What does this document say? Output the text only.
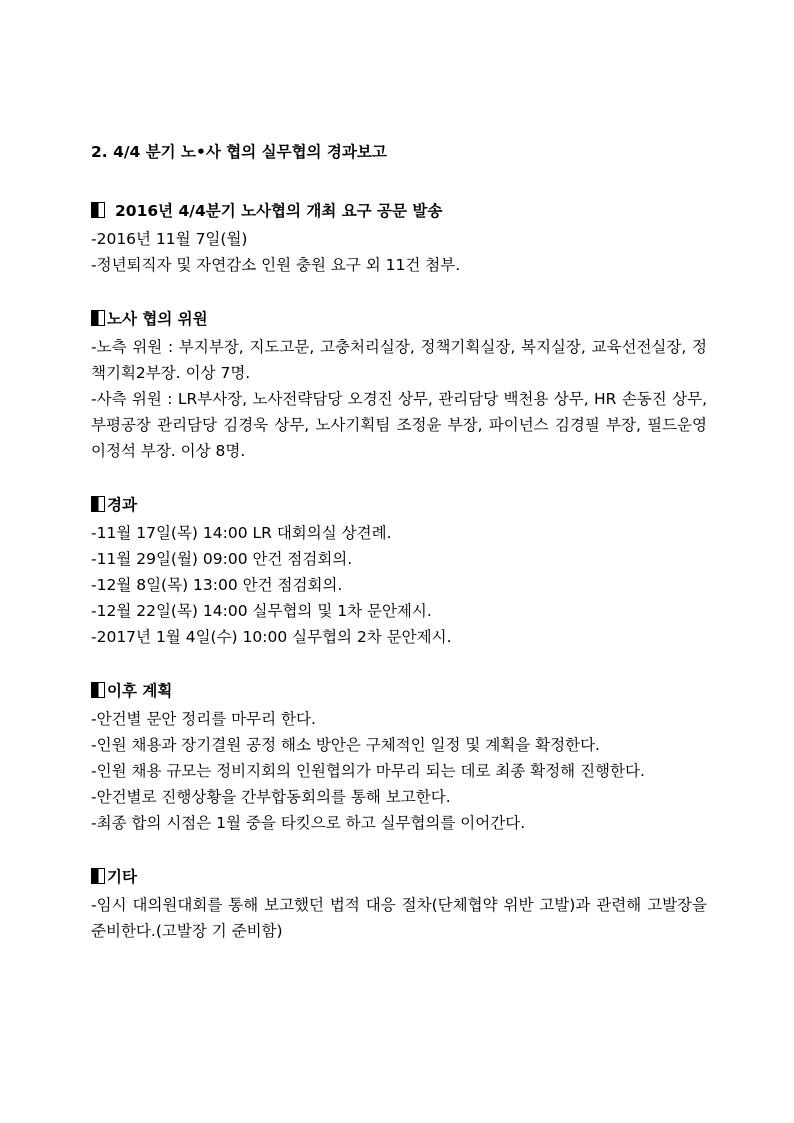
2. 4/4 분기 노•사 협의 실무협의 경과보고
2016년 4/4분기 노사협의 개최 요구 공문 발송
-2016년 11월 7일(월)
-정년퇴직자 및 자연감소 인원 충원 요구 외 11건 첨부.
노사 협의 위원
-노측 위원 : 부지부장, 지도고문, 고충처리실장, 정책기획실장, 복지실장, 교육선전실장, 정책기획2부장. 이상 7명.
-사측 위원 : LR부사장, 노사전략담당 오경진 상무, 관리담당 백천용 상무, HR 손동진 상무, 부평공장 관리담당 김경욱 상무, 노사기획팀 조정윤 부장, 파이넌스 김경필 부장, 필드운영 이정석 부장. 이상 8명.
경과
-11월 17일(목) 14:00 LR 대회의실 상견례.
-11월 29일(월) 09:00 안건 점검회의.
-12월 8일(목) 13:00 안건 점검회의.
-12월 22일(목) 14:00 실무협의 및 1차 문안제시.
-2017년 1월 4일(수) 10:00 실무협의 2차 문안제시.
이후 계획
-안건별 문안 정리를 마무리 한다.
-인원 채용과 장기결원 공정 해소 방안은 구체적인 일정 및 계획을 확정한다.
-인원 채용 규모는 정비지회의 인원협의가 마무리 되는 데로 최종 확정해 진행한다.
-안건별로 진행상황을 간부합동회의를 통해 보고한다.
-최종 합의 시점은 1월 중을 타킷으로 하고 실무협의를 이어간다.
기타
-임시 대의원대회를 통해 보고했던 법적 대응 절차(단체협약 위반 고발)과 관련해 고발장을 준비한다.(고발장 기 준비함)
